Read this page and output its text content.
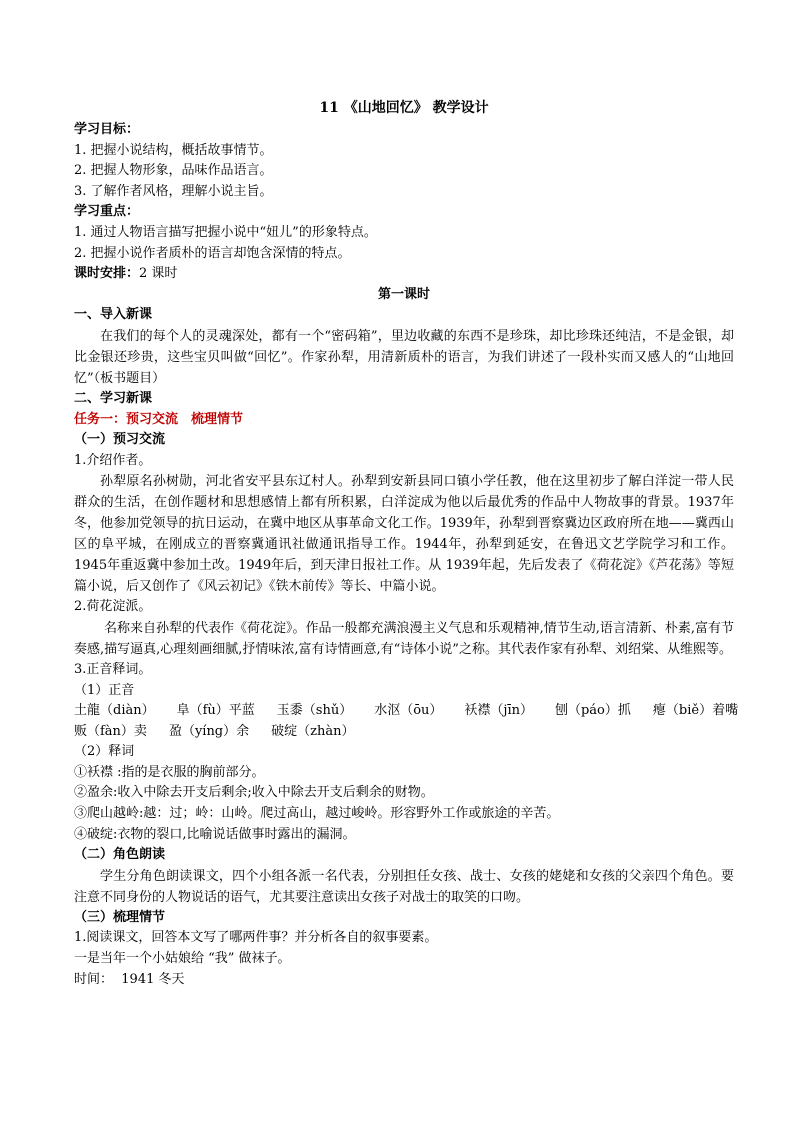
11 《山地回忆》 教学设计
学习目标：
1. 把握小说结构，概括故事情节。
2. 把握人物形象，品味作品语言。
3. 了解作者风格，理解小说主旨。
学习重点：
1. 通过人物语言描写把握小说中“妞儿”的形象特点。
2. 把握小说作者质朴的语言却饱含深情的特点。
课时安排：2 课时
第一课时
一、导入新课
在我们的每个人的灵魂深处，都有一个“密码箱”，里边收藏的东西不是珍珠，却比珍珠还纯洁，不是金银，却比金银还珍贵，这些宝贝叫做“回忆”。作家孙犁，用清新质朴的语言，为我们讲述了一段朴实而又感人的“山地回忆”（板书题目）
二、学习新课
任务一：预习交流　梳理情节
（一）预习交流
1.介绍作者。
孙犁原名孙树勋，河北省安平县东辽村人。孙犁到安新县同口镇小学任教，他在这里初步了解白洋淀一带人民群众的生活，在创作题材和思想感情上都有所积累，白洋淀成为他以后最优秀的作品中人物故事的背景。1937年冬，他参加党领导的抗日运动，在冀中地区从事革命文化工作。1939年，孙犁到晋察冀边区政府所在地——冀西山区的阜平城，在刚成立的晋察冀通讯社做通讯指导工作。1944年，孙犁到延安，在鲁迅文艺学院学习和工作。1945年重返冀中参加土改。1949年后，到天津日报社工作。从 1939年起，先后发表了《荷花淀》《芦花荡》等短篇小说，后又创作了《风云初记》《铁木前传》等长、中篇小说。
2.荷花淀派。
名称来自孙犁的代表作《荷花淀》。作品一般都充满浪漫主义气息和乐观精神,情节生动,语言清新、朴素,富有节奏感,描写逼真,心理刻画细腻,抒情味浓,富有诗情画意,有“诗体小说”之称。其代表作家有孙犁、刘绍棠、从维熙等。
3.正音释词。
（1）正音
土龍（diàn） 阜（fù）平蓝 玉黍（shǔ） 水沤（ōu） 袄襟（jīn） 刨（páo）抓 瘪（biě）着嘴
贩（fàn）卖 盈（yíng）余 破绽（zhàn）
（2）释词
①袄襟 :指的是衣服的胸前部分。
②盈余:收入中除去开支后剩余;收入中除去开支后剩余的财物。
③爬山越岭:越：过；岭：山岭。爬过高山，越过峻岭。形容野外工作或旅途的辛苦。
④破绽:衣物的裂口,比喻说话做事时露出的漏洞。
（二）角色朗读
学生分角色朗读课文，四个小组各派一名代表，分别担任女孩、战士、女孩的姥姥和女孩的父亲四个角色。要注意不同身份的人物说话的语气，尤其要注意读出女孩子对战士的取笑的口吻。
（三）梳理情节
1.阅读课文，回答本文写了哪两件事？并分析各自的叙事要素。
一是当年一个小姑娘给 “我” 做袜子。
时间： 1941 冬天
